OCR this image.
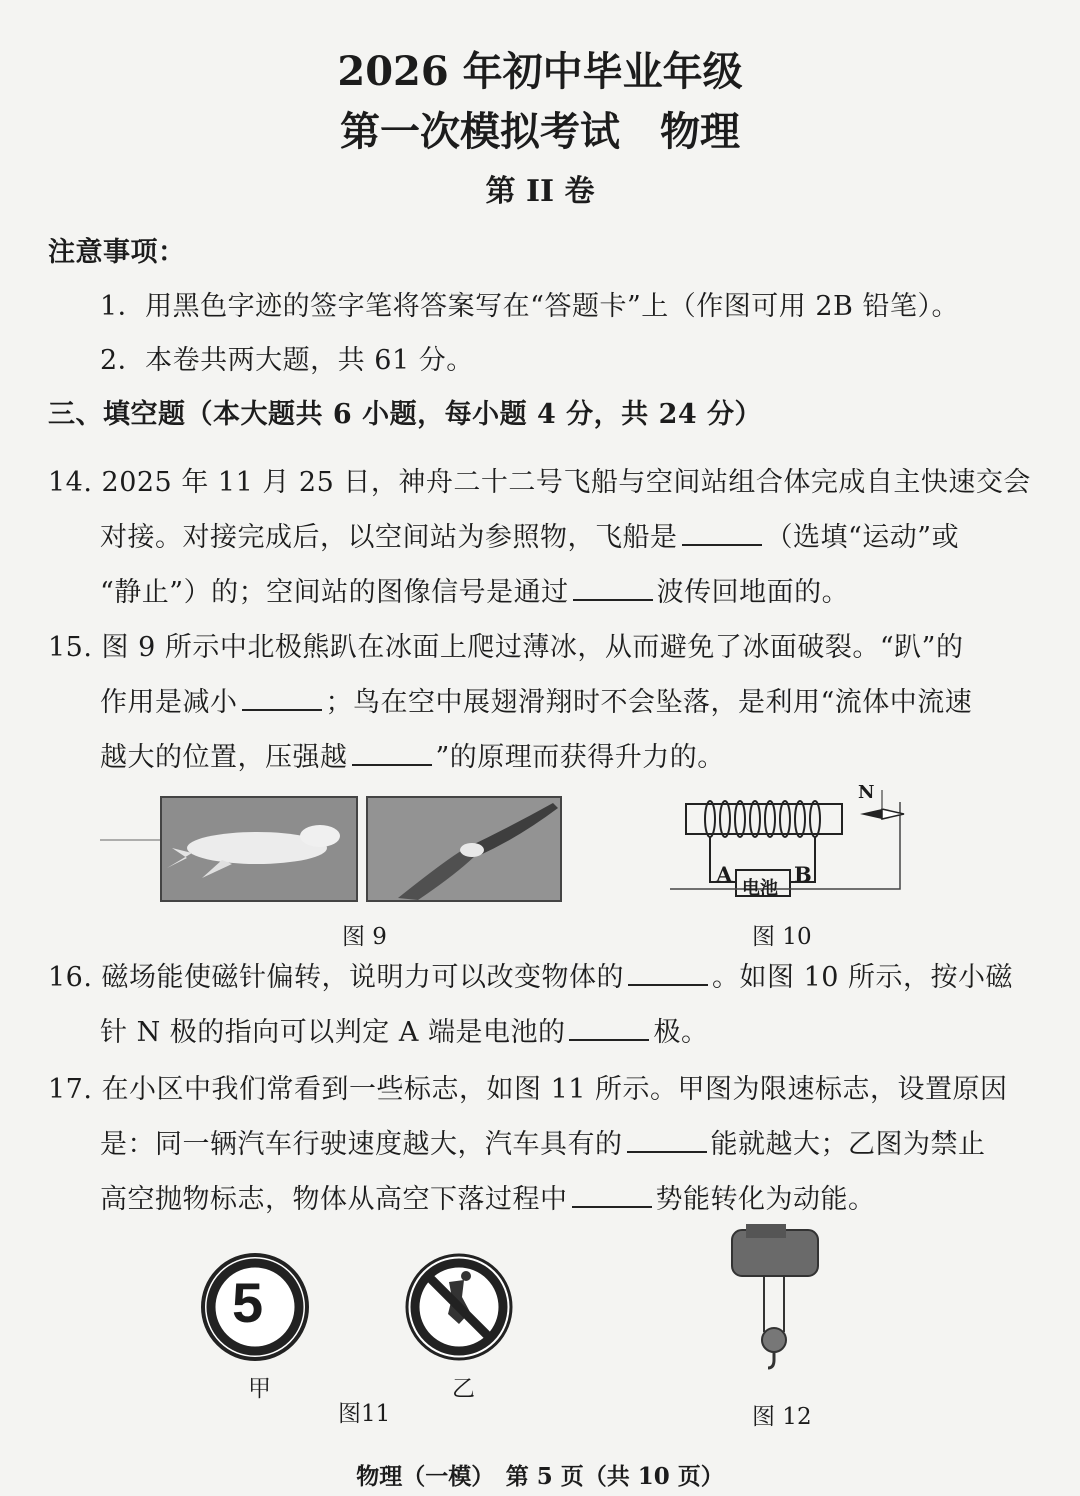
2026 年初中毕业年级
第一次模拟考试　物理
第 II 卷
注意事项：
1．用黑色字迹的签字笔将答案写在“答题卡”上（作图可用 2B 铅笔）。
2．本卷共两大题，共 61 分。
三、填空题（本大题共 6 小题，每小题 4 分，共 24 分）
14. 2025 年 11 月 25 日，神舟二十二号飞船与空间站组合体完成自主快速交会
对接。对接完成后，以空间站为参照物，飞船是	（选填“运动”或
“静止”）的；空间站的图像信号是通过	波传回地面的。
15. 图 9 所示中北极熊趴在冰面上爬过薄冰，从而避免了冰面破裂。“趴”的
作用是减小	；鸟在空中展翅滑翔时不会坠落，是利用“流体中流速
越大的位置，压强越	”的原理而获得升力的。
图 9
N
A	B
电池
图 10
16. 磁场能使磁针偏转，说明力可以改变物体的	。如图 10 所示，按小磁
针 N 极的指向可以判定 A 端是电池的	极。
17. 在小区中我们常看到一些标志，如图 11 所示。甲图为限速标志，设置原因
是：同一辆汽车行驶速度越大，汽车具有的	能就越大；乙图为禁止
高空抛物标志，物体从高空下落过程中	势能转化为动能。
5
甲	乙
图11	图 12
物理（一模）　第 5 页（共 10 页）
